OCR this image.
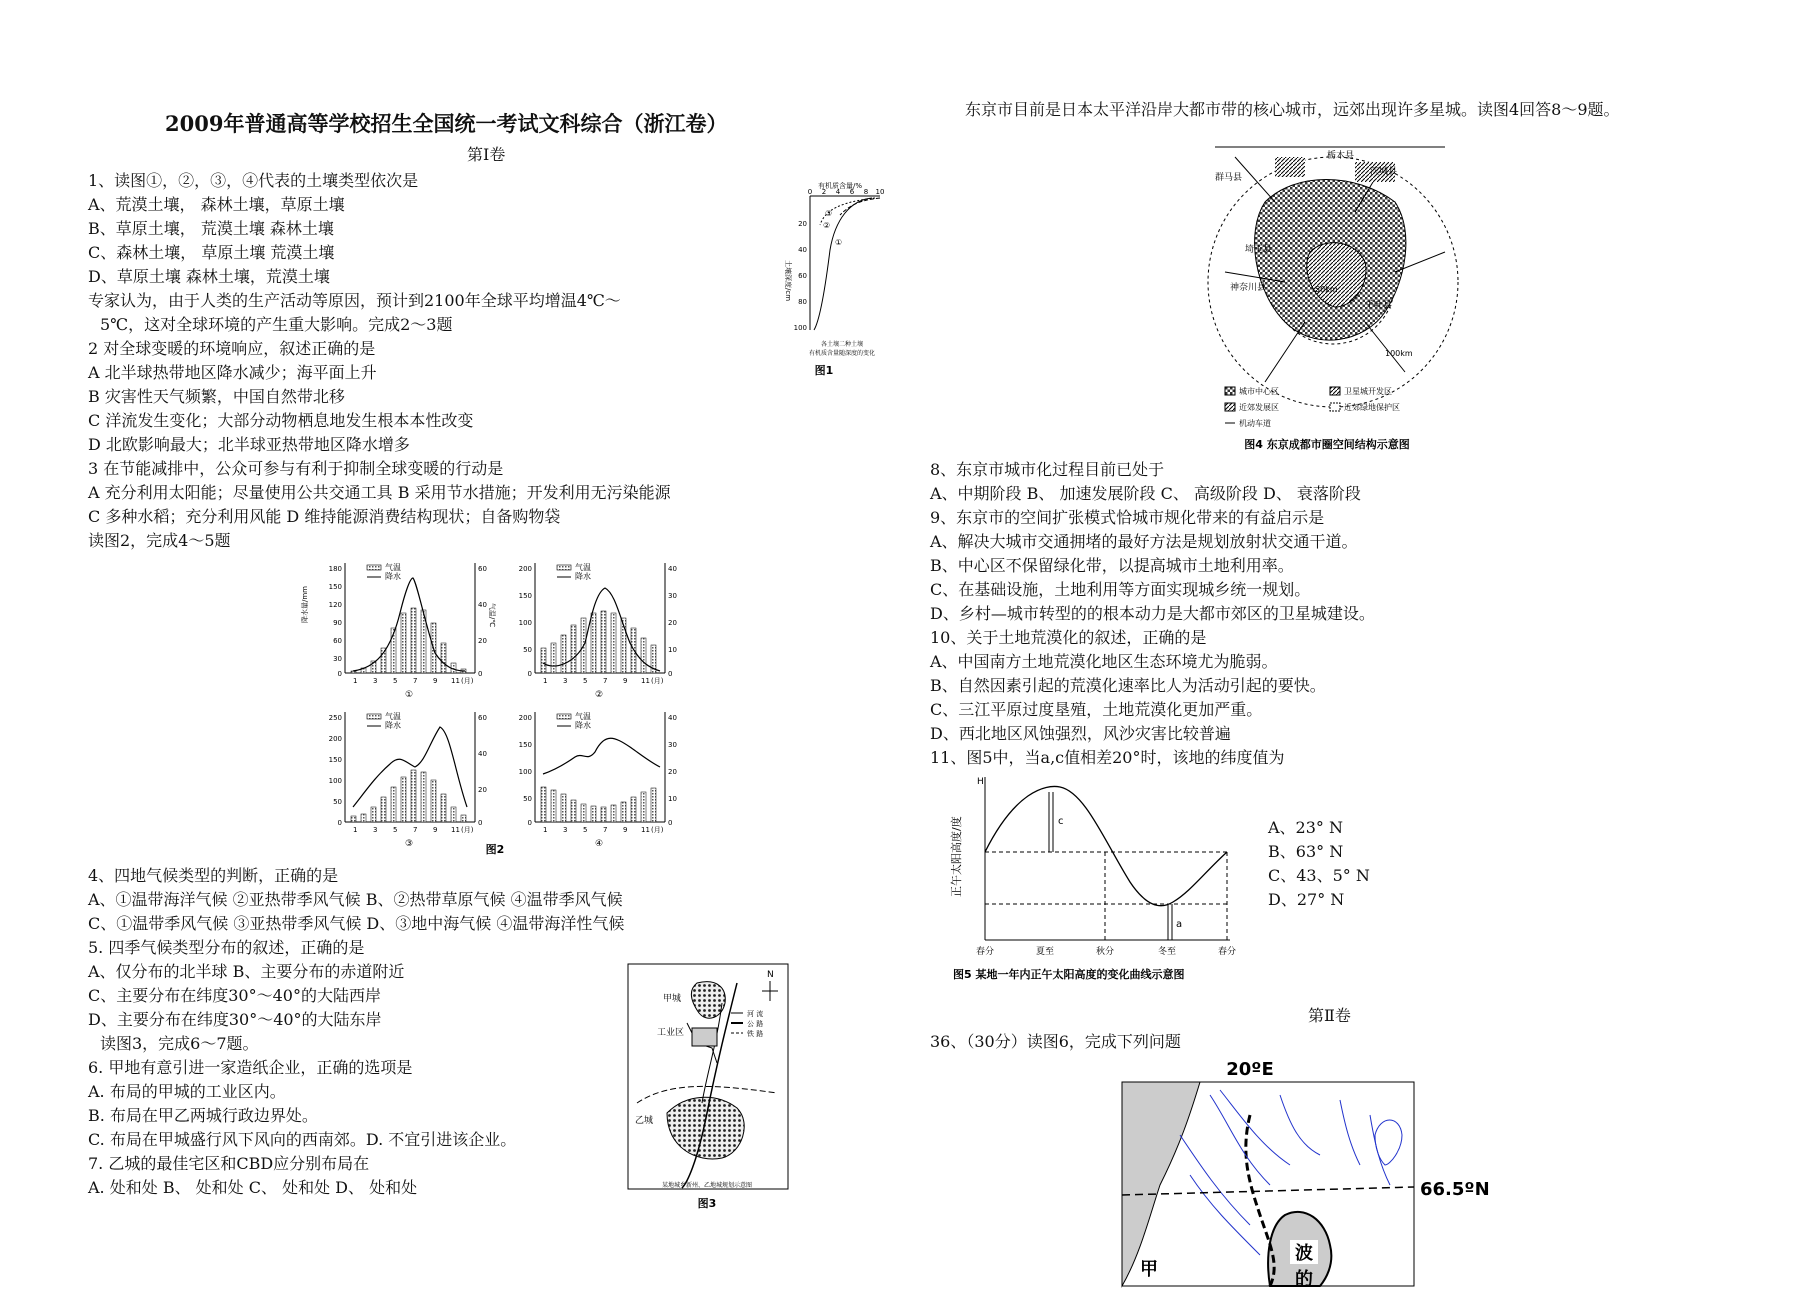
2009年普通高等学校招生全国统一考试文科综合（浙江卷）
第Ⅰ卷
1、读图①，②，③，④代表的土壤类型依次是
A、荒漠土壤， 森林土壤，草原土壤
B、草原土壤， 荒漠土壤 森林土壤
C、森林土壤， 草原土壤 荒漠土壤
D、草原土壤 森林土壤，荒漠土壤
专家认为，由于人类的生产活动等原因，预计到2100年全球平均增温4℃～
5℃，这对全球环境的产生重大影响。完成2～3题
2 对全球变暖的环境响应，叙述正确的是
A 北半球热带地区降水减少；海平面上升
B 灾害性天气频繁，中国自然带北移
C 洋流发生变化；大部分动物栖息地发生根本本性改变
D 北欧影响最大；北半球亚热带地区降水增多
3 在节能减排中，公众可参与有利于抑制全球变暖的行动是
A 充分利用太阳能；尽量使用公共交通工具 B 采用节水措施；开发利用无污染能源
C 多种水稻；充分利用风能 D 维持能源消费结构现状；自备购物袋
读图2，完成4～5题
有机质含量/%
0 2 4 6 8 10
20
40
60
80
100
土壤深度/cm
①
②
③
各土壤二种土壤
有机质含量随深度的变化
图1
气温
降水
180
150
120
90
60
30
0
60
40
20
0
1 3 5 7 9 11 (月)
降水量/mm	气温/℃
①
气温
降水
200
150
100
50
0
40
30
20
10
0
1 3 5 7 9 11 (月)
②
气温
降水
250
200
150
100
50
0
60
40
20
0
1 3 5 7 9 11 (月)
③
气温
降水
200
150
100
50
0
40
30
20
10
0
1 3 5 7 9 11 (月)
④
图2
4、四地气候类型的判断，正确的是
A、①温带海洋气候 ②亚热带季风气候 B、②热带草原气候 ④温带季风气候
C、①温带季风气候 ③亚热带季风气候 D、③地中海气候 ④温带海洋性气候
5. 四季气候类型分布的叙述，正确的是
A、仅分布的北半球 B、主要分布的赤道附近
C、主要分布在纬度30°～40°的大陆西岸
D、主要分布在纬度30°～40°的大陆东岸
读图3，完成6～7题。
6. 甲地有意引进一家造纸企业，正确的选项是
A. 布局的甲城的工业区内。
B. 布局在甲乙两城行政边界处。
C. 布局在甲城盛行风下风向的西南郊。D. 不宜引进该企业。
7. 乙城的最佳宅区和CBD应分别布局在
A. 处和处 B、 处和处 C、 处和处 D、 处和处
甲城
工业区
乙城
N
河 流
公 路
铁 路
某地城乡新州、乙地城规划示意图
图3
东京市目前是日本太平洋沿岸大都市带的核心城市，远郊出现许多星城。读图4回答8～9题。
栃木县
群马县
茨城县
埼玉县
神奈川县
千叶县
50km
100km
城市中心区
近郊发展区
机动车道
卫星城开发区
近郊绿地保护区
图4 东京成都市圈空间结构示意图
8、东京市城市化过程目前已处于
A、中期阶段 B、 加速发展阶段 C、 高级阶段 D、 衰落阶段
9、东京市的空间扩张模式恰城市规化带来的有益启示是
A、解决大城市交通拥堵的最好方法是规划放射状交通干道。
B、中心区不保留绿化带，以提高城市土地利用率。
C、在基础设施，土地利用等方面实现城乡统一规划。
D、乡村—城市转型的的根本动力是大都市郊区的卫星城建设。
10、关于土地荒漠化的叙述，正确的是
A、中国南方土地荒漠化地区生态环境尤为脆弱。
B、自然因素引起的荒漠化速率比人为活动引起的要快。
C、三江平原过度垦殖，土地荒漠化更加严重。
D、西北地区风蚀强烈，风沙灾害比较普遍
11、图5中，当a,c值相差20°时，该地的纬度值为
H
正午太阳高度/度	c
a
春分	夏至	秋分	冬至	春分
图5 某地一年内正午太阳高度的变化曲线示意图
A、23° N
B、63° N
C、43、5° N
D、27° N
第Ⅱ卷
36、（30分）读图6，完成下列问题
20ºE
66.5ºN
甲
波
的
